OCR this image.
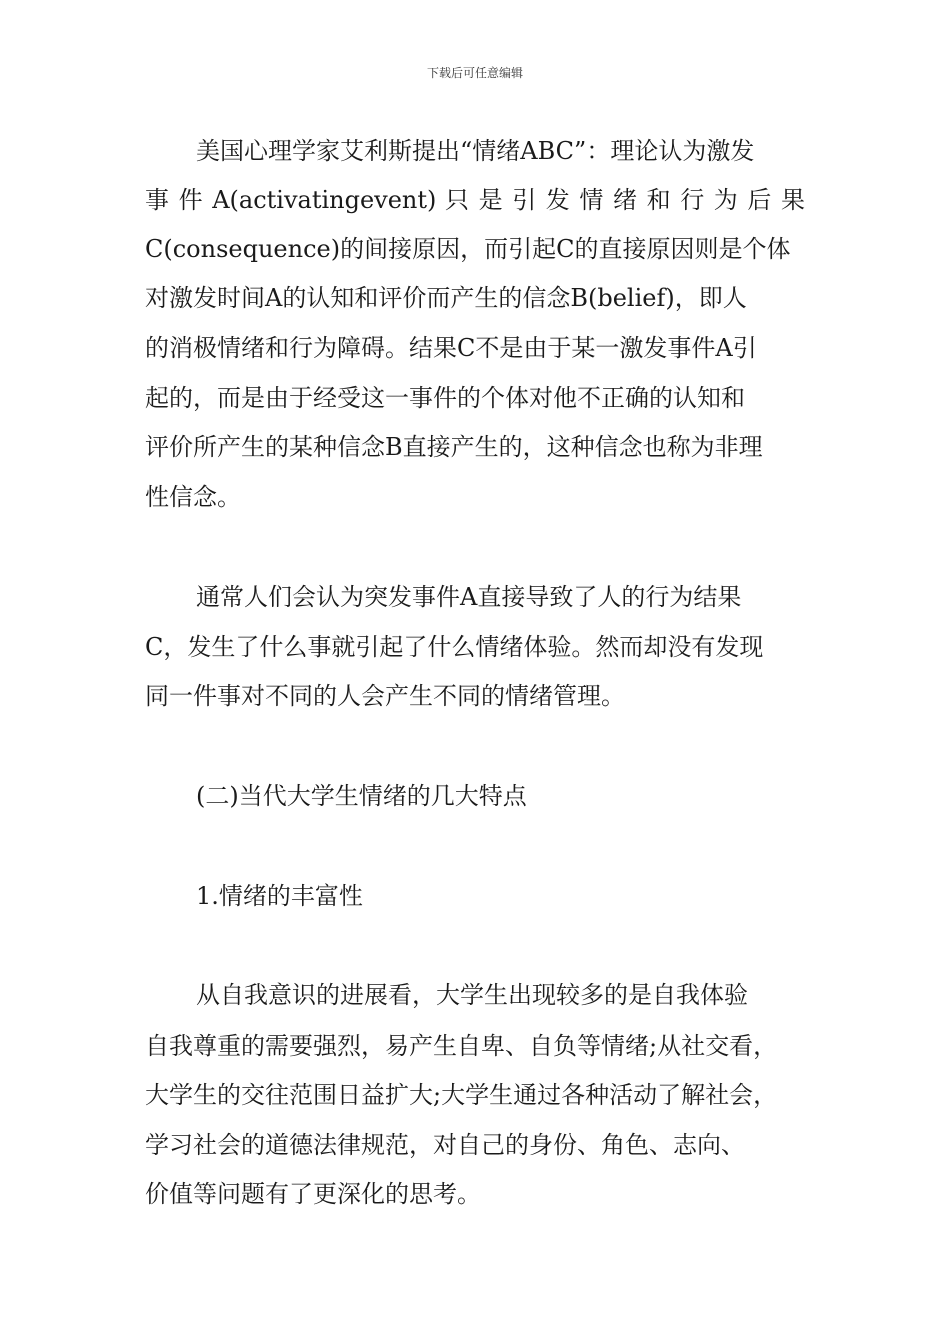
下载后可任意编辑
美国心理学家艾利斯提出“情绪ABC”：理论认为激发
事 件 A(activatingevent) 只 是 引 发 情 绪 和 行 为 后 果
C(consequence)的间接原因，而引起C的直接原因则是个体
对激发时间A的认知和评价而产生的信念B(belief)，即人
的消极情绪和行为障碍。结果C不是由于某一激发事件A引
起的，而是由于经受这一事件的个体对他不正确的认知和
评价所产生的某种信念B直接产生的，这种信念也称为非理
性信念。
通常人们会认为突发事件A直接导致了人的行为结果
C，发生了什么事就引起了什么情绪体验。然而却没有发现
同一件事对不同的人会产生不同的情绪管理。
(二)当代大学生情绪的几大特点
1.情绪的丰富性
从自我意识的进展看，大学生出现较多的是自我体验
自我尊重的需要强烈，易产生自卑、自负等情绪;从社交看，
大学生的交往范围日益扩大;大学生通过各种活动了解社会，
学习社会的道德法律规范，对自己的身份、角色、志向、
价值等问题有了更深化的思考。
